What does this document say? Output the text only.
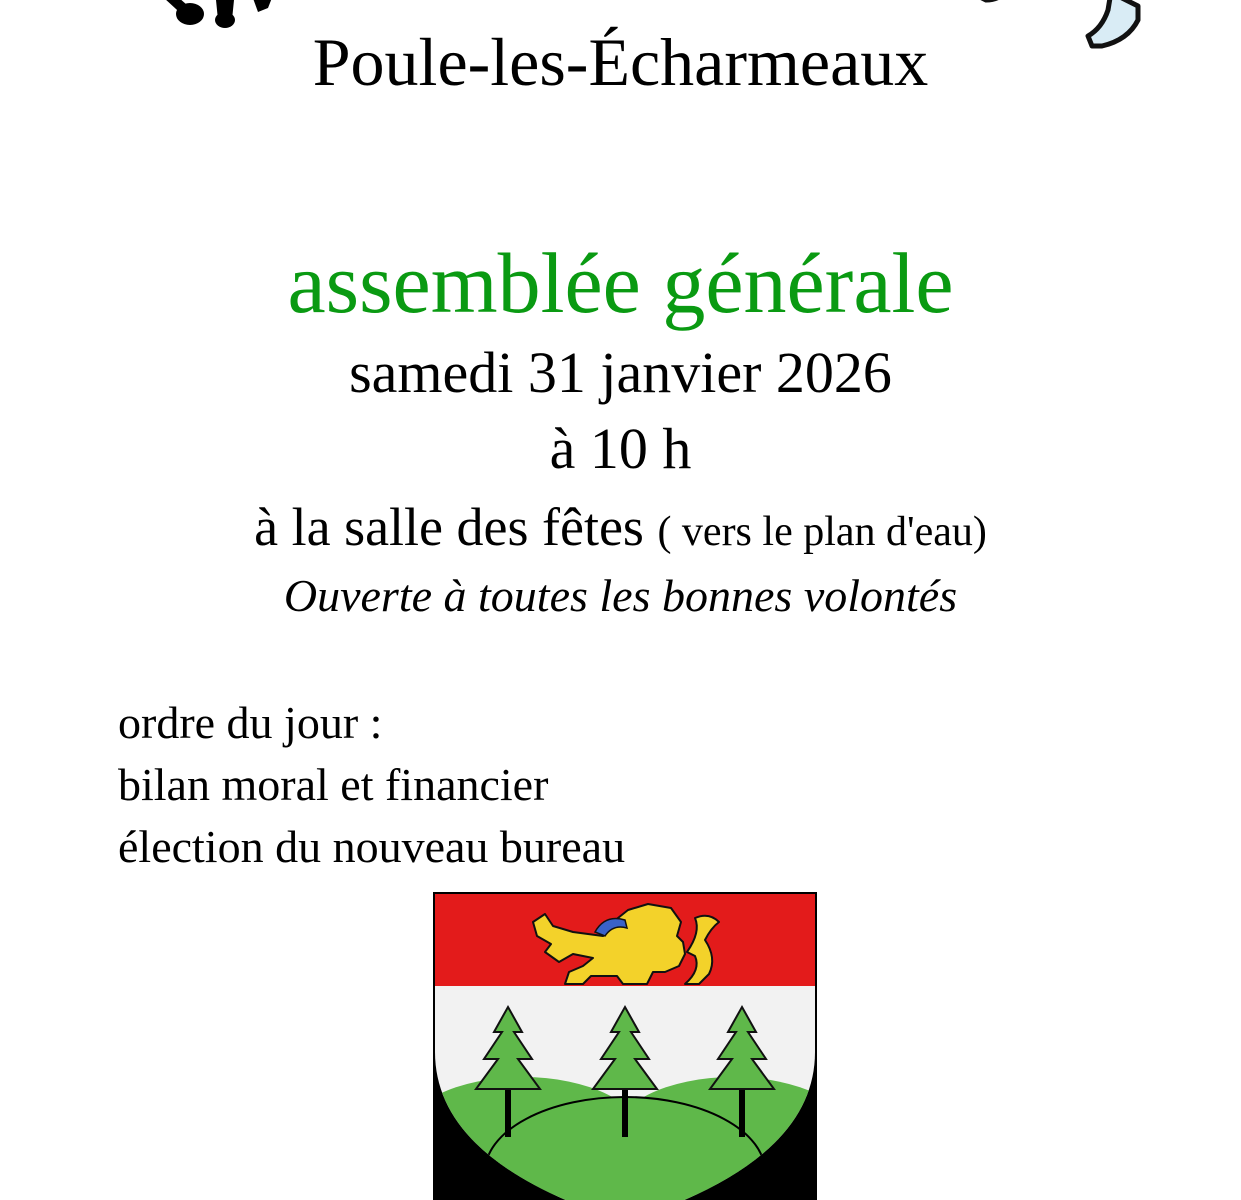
Poule-les-Écharmeaux
assemblée générale
samedi 31 janvier 2026
à 10 h
à la salle des fêtes ( vers le plan d'eau)
Ouverte à toutes les bonnes volontés
ordre du jour :
bilan moral et financier
élection du nouveau bureau
